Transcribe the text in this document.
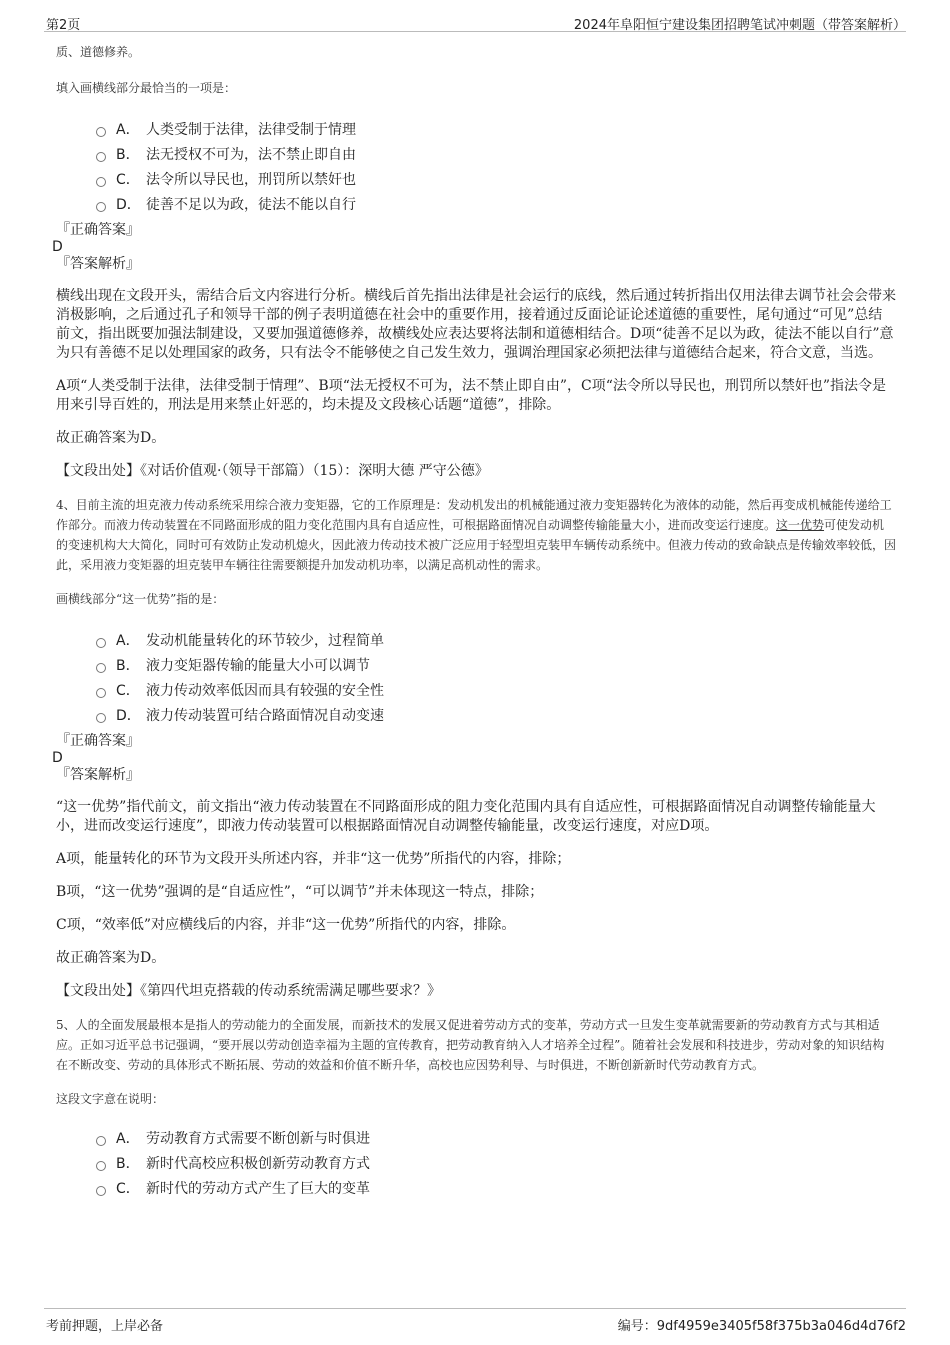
第2页	2024年阜阳恒宁建设集团招聘笔试冲刺题（带答案解析）
质、道德修养。
填入画横线部分最恰当的一项是：
A． 人类受制于法律，法律受制于情理
B． 法无授权不可为，法不禁止即自由
C． 法令所以导民也，刑罚所以禁奸也
D． 徒善不足以为政，徒法不能以自行
『正确答案』
D
『答案解析』
横线出现在文段开头，需结合后文内容进行分析。横线后首先指出法律是社会运行的底线，然后通过转折指出仅用法律去调节社会会带来消极影响，之后通过孔子和领导干部的例子表明道德在社会中的重要作用，接着通过反面论证论述道德的重要性，尾句通过“可见”总结前文，指出既要加强法制建设，又要加强道德修养，故横线处应表达要将法制和道德相结合。D项“徒善不足以为政，徒法不能以自行”意为只有善德不足以处理国家的政务，只有法令不能够使之自己发生效力，强调治理国家必须把法律与道德结合起来，符合文意，当选。
A项“人类受制于法律，法律受制于情理”、B项“法无授权不可为，法不禁止即自由”，C项“法令所以导民也，刑罚所以禁奸也”指法令是用来引导百姓的，刑法是用来禁止奸恶的，均未提及文段核心话题“道德”，排除。
故正确答案为D。
【文段出处】《对话价值观·（领导干部篇）（15）：深明大德 严守公德》
4、目前主流的坦克液力传动系统采用综合液力变矩器，它的工作原理是：发动机发出的机械能通过液力变矩器转化为液体的动能，然后再变成机械能传递给工作部分。而液力传动装置在不同路面形成的阻力变化范围内具有自适应性，可根据路面情况自动调整传输能量大小，进而改变运行速度。这一优势可使发动机的变速机构大大简化，同时可有效防止发动机熄火，因此液力传动技术被广泛应用于轻型坦克装甲车辆传动系统中。但液力传动的致命缺点是传输效率较低，因此，采用液力变矩器的坦克装甲车辆往往需要额提升加发动机功率，以满足高机动性的需求。
画横线部分“这一优势”指的是：
A． 发动机能量转化的环节较少，过程简单
B． 液力变矩器传输的能量大小可以调节
C． 液力传动效率低因而具有较强的安全性
D． 液力传动装置可结合路面情况自动变速
『正确答案』
D
『答案解析』
“这一优势”指代前文，前文指出“液力传动装置在不同路面形成的阻力变化范围内具有自适应性，可根据路面情况自动调整传输能量大小，进而改变运行速度”，即液力传动装置可以根据路面情况自动调整传输能量，改变运行速度，对应D项。
A项，能量转化的环节为文段开头所述内容，并非“这一优势”所指代的内容，排除；
B项，“这一优势”强调的是“自适应性”，“可以调节”并未体现这一特点，排除；
C项，“效率低”对应横线后的内容，并非“这一优势”所指代的内容，排除。
故正确答案为D。
【文段出处】《第四代坦克搭载的传动系统需满足哪些要求？》
5、人的全面发展最根本是指人的劳动能力的全面发展，而新技术的发展又促进着劳动方式的变革，劳动方式一旦发生变革就需要新的劳动教育方式与其相适应。正如习近平总书记强调，“要开展以劳动创造幸福为主题的宣传教育，把劳动教育纳入人才培养全过程”。随着社会发展和科技进步，劳动对象的知识结构在不断改变、劳动的具体形式不断拓展、劳动的效益和价值不断升华，高校也应因势利导、与时俱进，不断创新新时代劳动教育方式。
这段文字意在说明：
A． 劳动教育方式需要不断创新与时俱进
B． 新时代高校应积极创新劳动教育方式
C． 新时代的劳动方式产生了巨大的变革
考前押题，上岸必备	编号：9df4959e3405f58f375b3a046d4d76f2
